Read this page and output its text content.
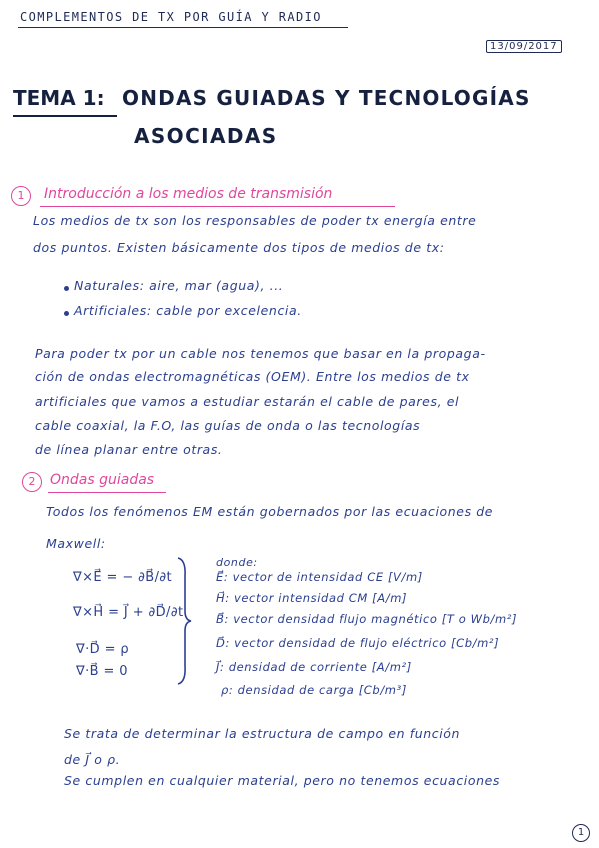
COMPLEMENTOS DE TX POR GUÍA Y RADIO
13/09/2017
TEMA 1: ONDAS GUIADAS Y TECNOLOGÍAS
ASOCIADAS
1	Introducción a los medios de transmisión
Los medios de tx son los responsables de poder tx energía entre
dos puntos. Existen básicamente dos tipos de medios de tx:
Naturales: aire, mar (agua), ...
Artificiales: cable por excelencia.
Para poder tx por un cable nos tenemos que basar en la propaga-
ción de ondas electromagnéticas (OEM). Entre los medios de tx
artificiales que vamos a estudiar estarán el cable de pares, el
cable coaxial, la F.O, las guías de onda o las tecnologías
de línea planar entre otras.
2	Ondas guiadas
Todos los fenómenos EM están gobernados por las ecuaciones de
Maxwell:
∇×E⃗ = − ∂B⃗/∂t
∇×H⃗ = J⃗ + ∂D⃗/∂t
∇·D⃗ = ρ
∇·B⃗ = 0
donde:
E⃗: vector de intensidad CE [V/m]
H⃗: vector intensidad CM [A/m]
B⃗: vector densidad flujo magnético [T o Wb/m²]
D⃗: vector densidad de flujo eléctrico [Cb/m²]
J⃗: densidad de corriente [A/m²]
ρ: densidad de carga [Cb/m³]
Se trata de determinar la estructura de campo en función
de J⃗ o ρ.
Se cumplen en cualquier material, pero no tenemos ecuaciones
1
